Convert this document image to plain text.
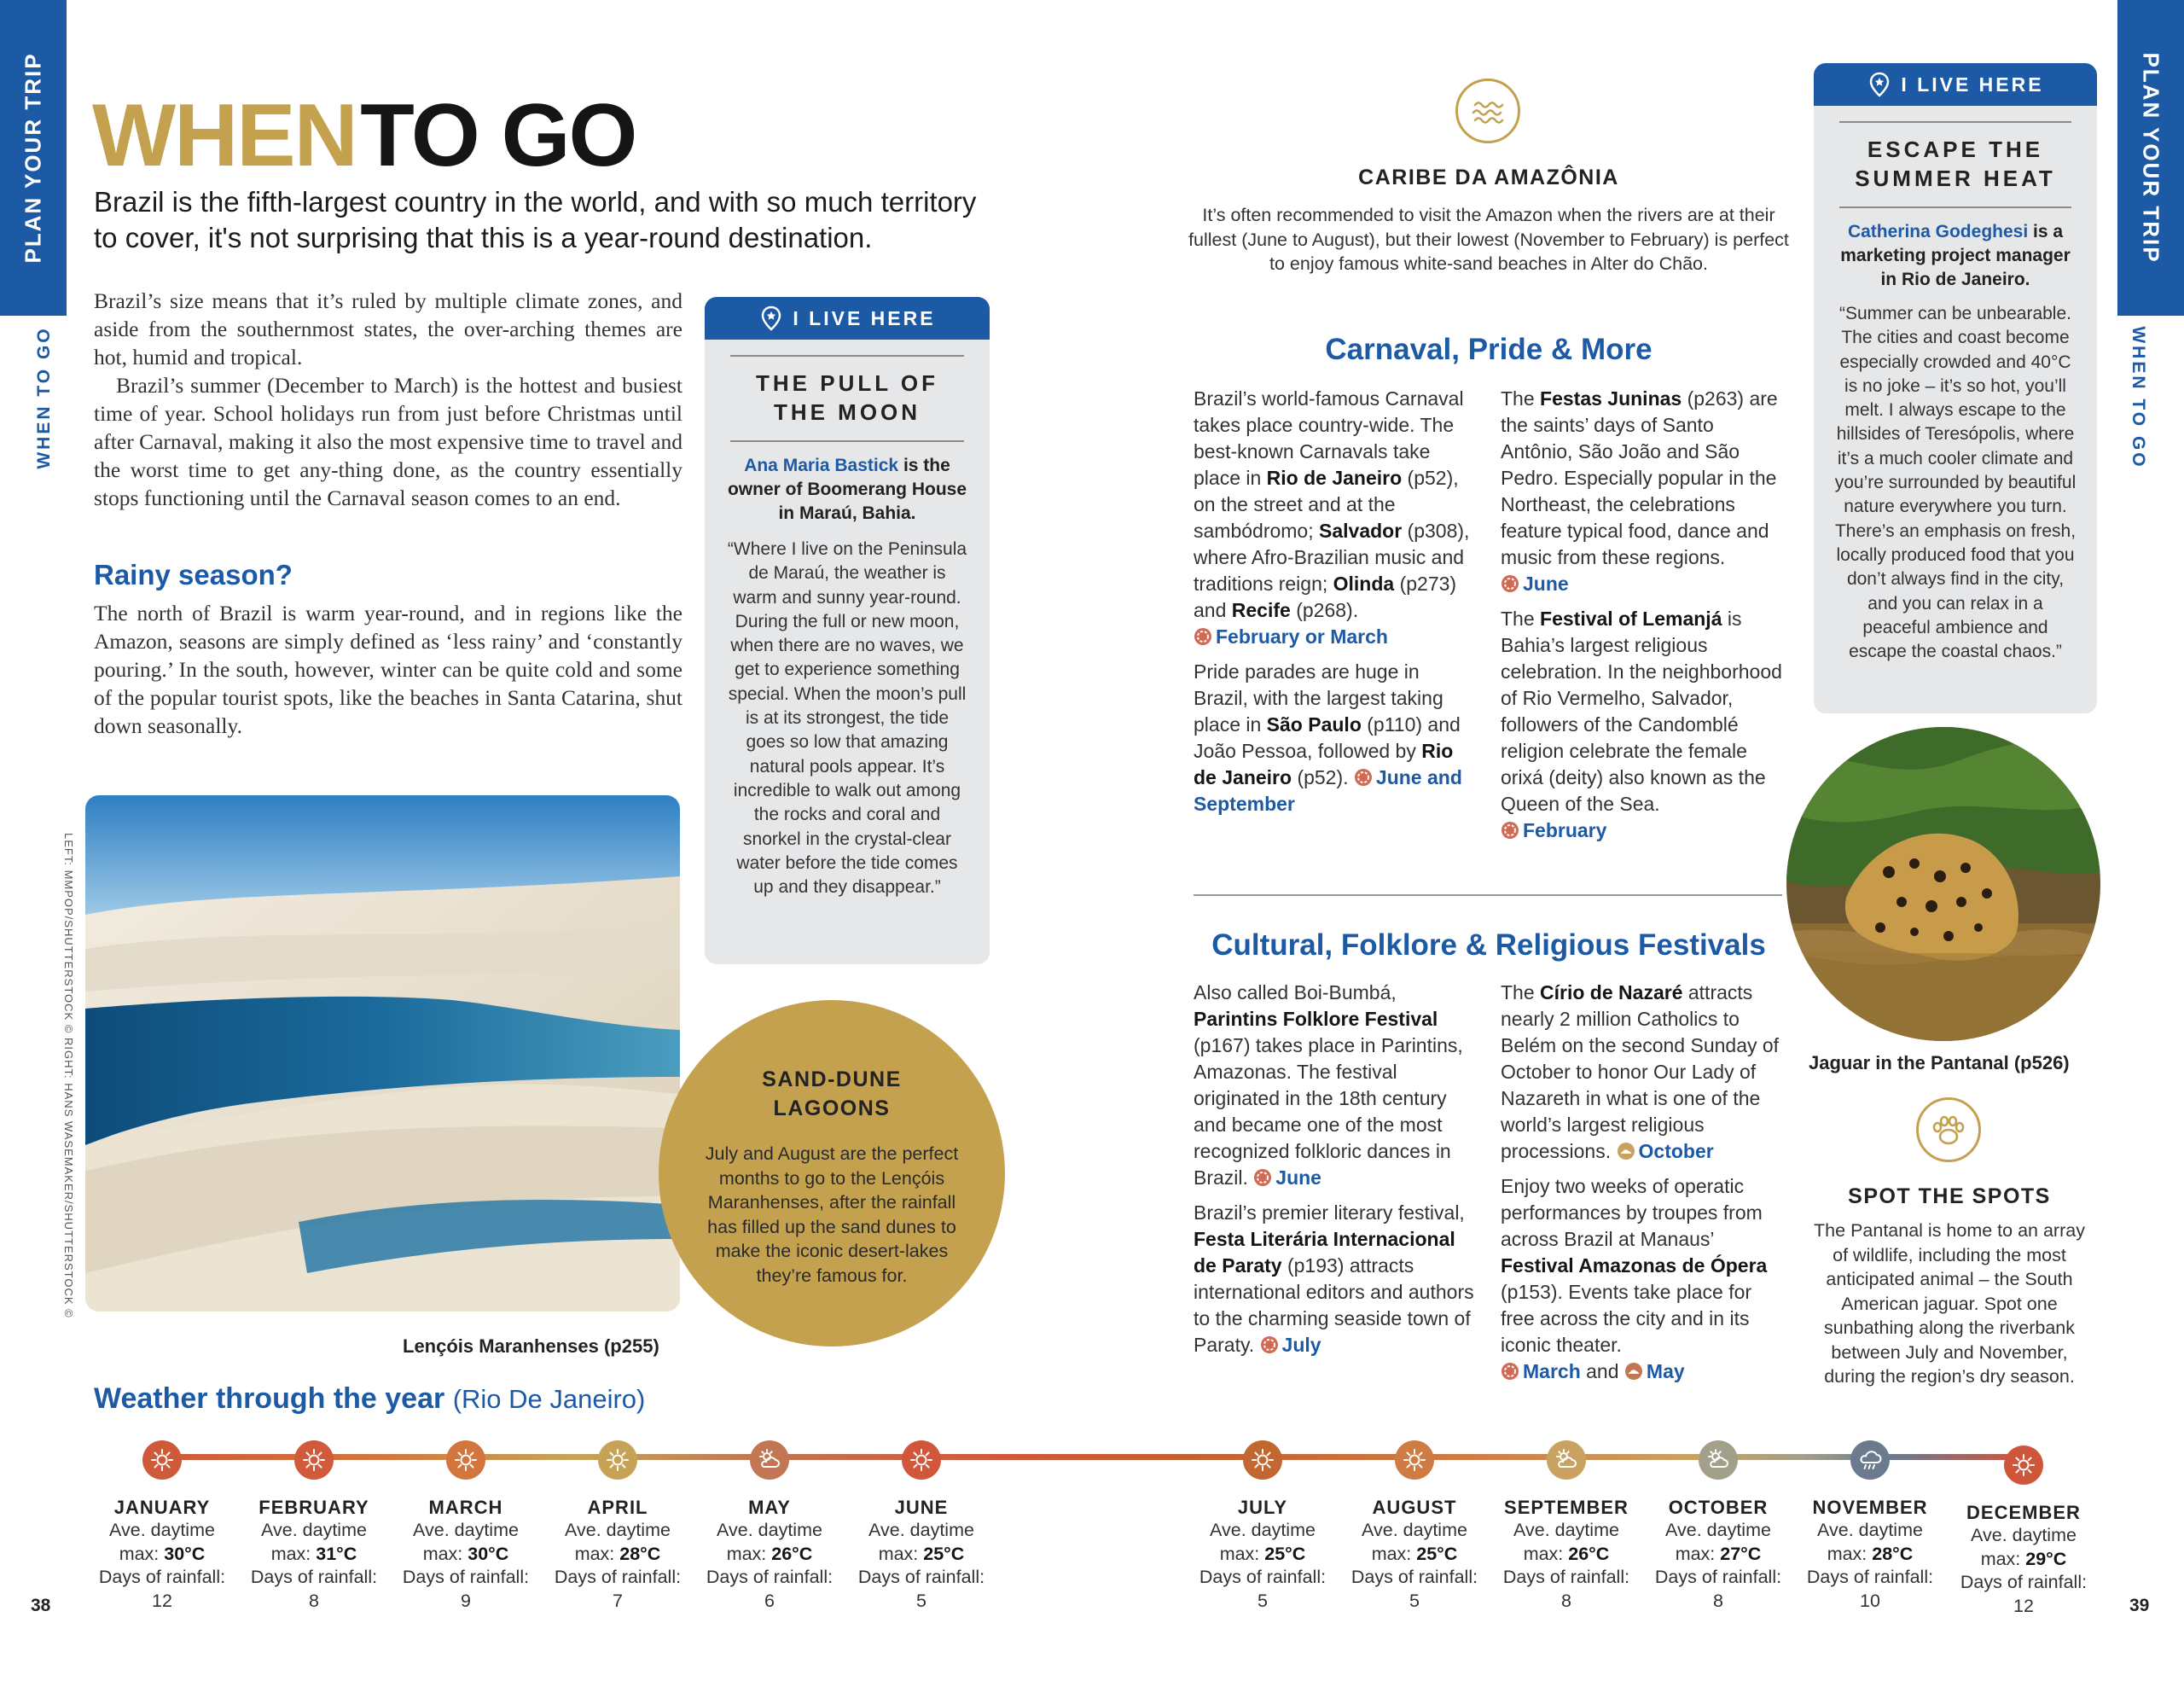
PLAN YOUR TRIP
WHEN TO GO
PLAN YOUR TRIP
WHEN TO GO
38	39
WHEN TO GO
Brazil is the fifth-largest country in the world, and with so much territory to cover, it's not surprising that this is a year-round destination.

Brazil’s size means that it’s ruled by multiple climate zones, and aside from the southernmost states, the over-arching themes are hot, humid and tropical.

Brazil’s summer (December to March) is the hottest and busiest time of year. School holidays run from just before Christmas until after Carnaval, making it also the most expensive time to travel and the worst time to get any-thing done, as the country essentially stops functioning until the Carnaval season comes to an end.

Rainy season?

The north of Brazil is warm year-round, and in regions like the Amazon, seasons are simply defined as ‘less rainy’ and ‘constantly pouring.’ In the south, however, winter can be quite cold and some of the popular tourist spots, like the beaches in Santa Catarina, shut down seasonally.

I LIVE HERE
THE PULL OF THE MOON
Ana Maria Bastick is the owner of Boomerang House in Maraú, Bahia.
“Where I live on the Peninsula de Maraú, the weather is warm and sunny year-round. During the full or new moon, when there are no waves, we get to experience something special. When the moon’s pull is at its strongest, the tide goes so low that amazing natural pools appear. It’s incredible to walk out among the rocks and coral and snorkel in the crystal-clear water before the tide comes up and they disappear.”
LEFT: MMPOP/SHUTTERSTOCK © RIGHT: HANS WASEMAKER/SHUTTERSTOCK ©
Lençóis Maranhenses (p255)
SAND-DUNE LAGOONS
July and August are the perfect months to go to the Lençóis Maranhenses, after the rainfall has filled up the sand dunes to make the iconic desert-lakes they’re famous for.
CARIBE DA AMAZÔNIA
It’s often recommended to visit the Amazon when the rivers are at their fullest (June to August), but their lowest (November to February) is perfect to enjoy famous white-sand beaches in Alter do Chão.
Carnaval, Pride & More

Brazil’s world-famous Carnaval takes place country-wide. The best-known Carnavals take place in Rio de Janeiro (p52), on the street and at the sambódromo; Salvador (p308), where Afro-Brazilian music and traditions reign; Olinda (p273) and Recife (p268).
February or March

Pride parades are huge in Brazil, with the largest taking place in São Paulo (p110) and João Pessoa, followed by Rio de Janeiro (p52). June and September

The Festas Juninas (p263) are the saints’ days of Santo Antônio, São João and São Pedro. Especially popular in the Northeast, the celebrations feature typical food, dance and music from these regions.
June

The Festival of Lemanjá is Bahia’s largest religious celebration. In the neighborhood of Rio Vermelho, Salvador, followers of the Candomblé religion celebrate the female orixá (deity) also known as the Queen of the Sea.
February

Cultural, Folklore & Religious Festivals

Also called Boi-Bumbá, Parintins Folklore Festival (p167) takes place in Parintins, Amazonas. The festival originated in the 18th century and became one of the most recognized folkloric dances in Brazil. June

Brazil’s premier literary festival, Festa Literária Internacional de Paraty (p193) attracts international editors and authors to the charming seaside town of Paraty. July

The Círio de Nazaré attracts nearly 2 million Catholics to Belém on the second Sunday of October to honor Our Lady of Nazareth in what is one of the world’s largest religious processions. October

Enjoy two weeks of operatic performances by troupes from across Brazil at Manaus’ Festival Amazonas de Ópera (p153). Events take place for free across the city and in its iconic theater.
March and May

I LIVE HERE
ESCAPE THE SUMMER HEAT
Catherina Godeghesi is a marketing project manager in Rio de Janeiro.
“Summer can be unbearable. The cities and coast become especially crowded and 40°C is no joke – it’s so hot, you’ll melt. I always escape to the hillsides of Teresópolis, where it’s a much cooler climate and you’re surrounded by beautiful nature everywhere you turn. There’s an emphasis on fresh, locally produced food that you don’t always find in the city, and you can relax in a peaceful ambience and escape the coastal chaos.”
Jaguar in the Pantanal (p526)
SPOT THE SPOTS
The Pantanal is home to an array of wildlife, including the most anticipated animal – the South American jaguar. Spot one sunbathing along the riverbank between July and November, during the region’s dry season.
Weather through the year (Rio De Janeiro)
JANUARY
Ave. daytime
max: 30°C
Days of rainfall:
12
FEBRUARY
Ave. daytime
max: 31°C
Days of rainfall:
8
MARCH
Ave. daytime
max: 30°C
Days of rainfall:
9
APRIL
Ave. daytime
max: 28°C
Days of rainfall:
7
MAY
Ave. daytime
max: 26°C
Days of rainfall:
6
JUNE
Ave. daytime
max: 25°C
Days of rainfall:
5
JULY
Ave. daytime
max: 25°C
Days of rainfall:
5
AUGUST
Ave. daytime
max: 25°C
Days of rainfall:
5
SEPTEMBER
Ave. daytime
max: 26°C
Days of rainfall:
8
OCTOBER
Ave. daytime
max: 27°C
Days of rainfall:
8
NOVEMBER
Ave. daytime
max: 28°C
Days of rainfall:
10
DECEMBER
Ave. daytime
max: 29°C
Days of rainfall:
12
